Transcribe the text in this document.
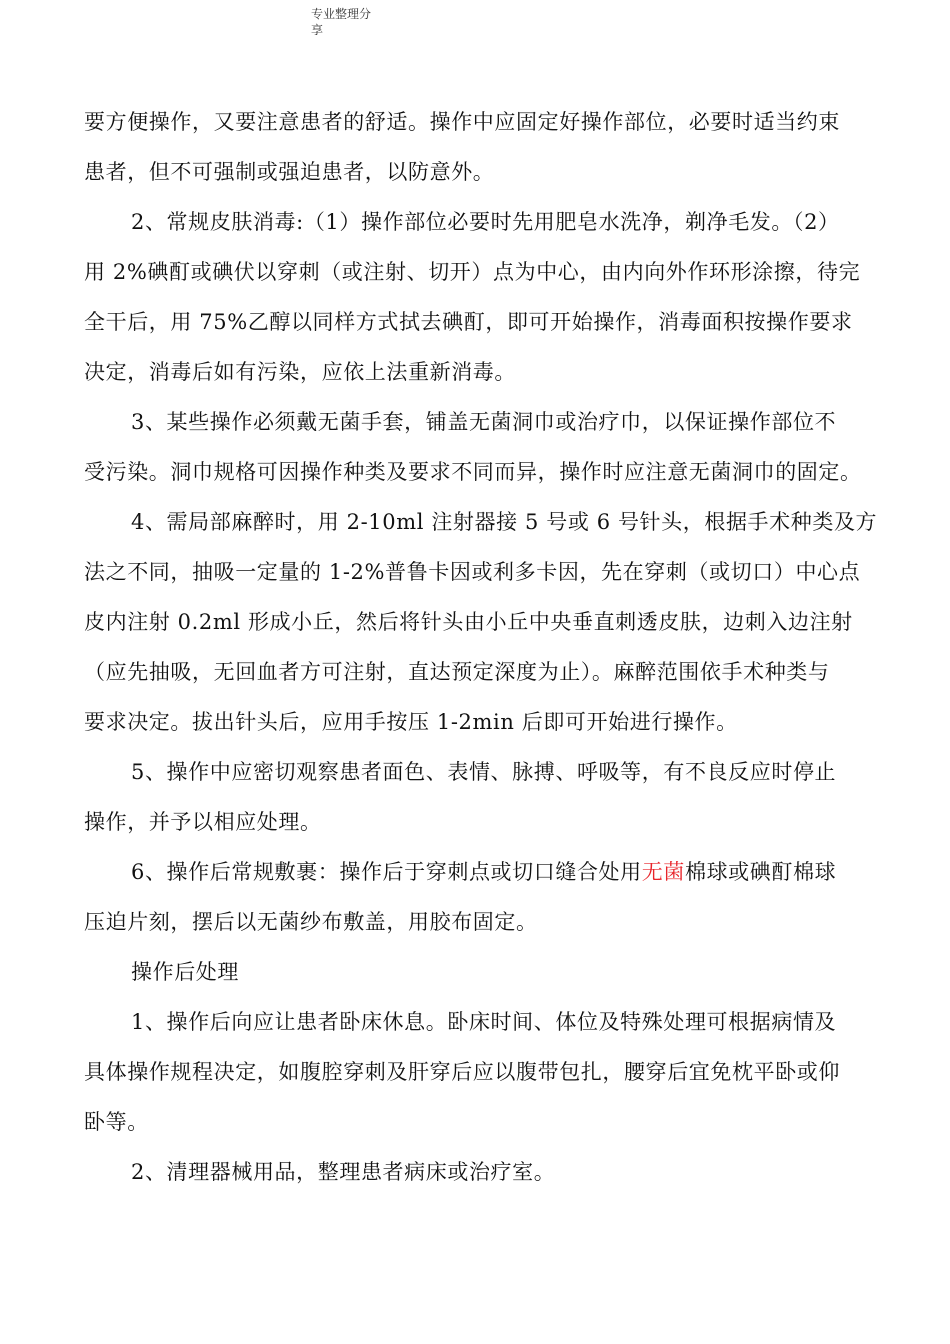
专业整理分享
要方便操作，又要注意患者的舒适。操作中应固定好操作部位，必要时适当约束
患者，但不可强制或强迫患者，以防意外。
2、常规皮肤消毒:（1）操作部位必要时先用肥皂水洗净，剃净毛发。（2）
用 2%碘酊或碘伏以穿刺（或注射、切开）点为中心，由内向外作环形涂擦，待完
全干后，用 75%乙醇以同样方式拭去碘酊，即可开始操作，消毒面积按操作要求
决定，消毒后如有污染，应依上法重新消毒。
3、某些操作必须戴无菌手套，铺盖无菌洞巾或治疗巾，以保证操作部位不
受污染。洞巾规格可因操作种类及要求不同而异，操作时应注意无菌洞巾的固定。
4、需局部麻醉时，用 2-10ml 注射器接 5 号或 6 号针头，根据手术种类及方
法之不同，抽吸一定量的 1-2%普鲁卡因或利多卡因，先在穿刺（或切口）中心点
皮内注射 0.2ml 形成小丘，然后将针头由小丘中央垂直刺透皮肤，边刺入边注射
（应先抽吸，无回血者方可注射，直达预定深度为止）。麻醉范围依手术种类与
要求决定。拔出针头后，应用手按压 1-2min 后即可开始进行操作。
5、操作中应密切观察患者面色、表情、脉搏、呼吸等，有不良反应时停止
操作，并予以相应处理。
6、操作后常规敷裹：操作后于穿刺点或切口缝合处用无菌棉球或碘酊棉球
压迫片刻，摆后以无菌纱布敷盖，用胶布固定。
操作后处理
1、操作后向应让患者卧床休息。卧床时间、体位及特殊处理可根据病情及
具体操作规程决定，如腹腔穿刺及肝穿后应以腹带包扎，腰穿后宜免枕平卧或仰
卧等。
2、清理器械用品，整理患者病床或治疗室。
